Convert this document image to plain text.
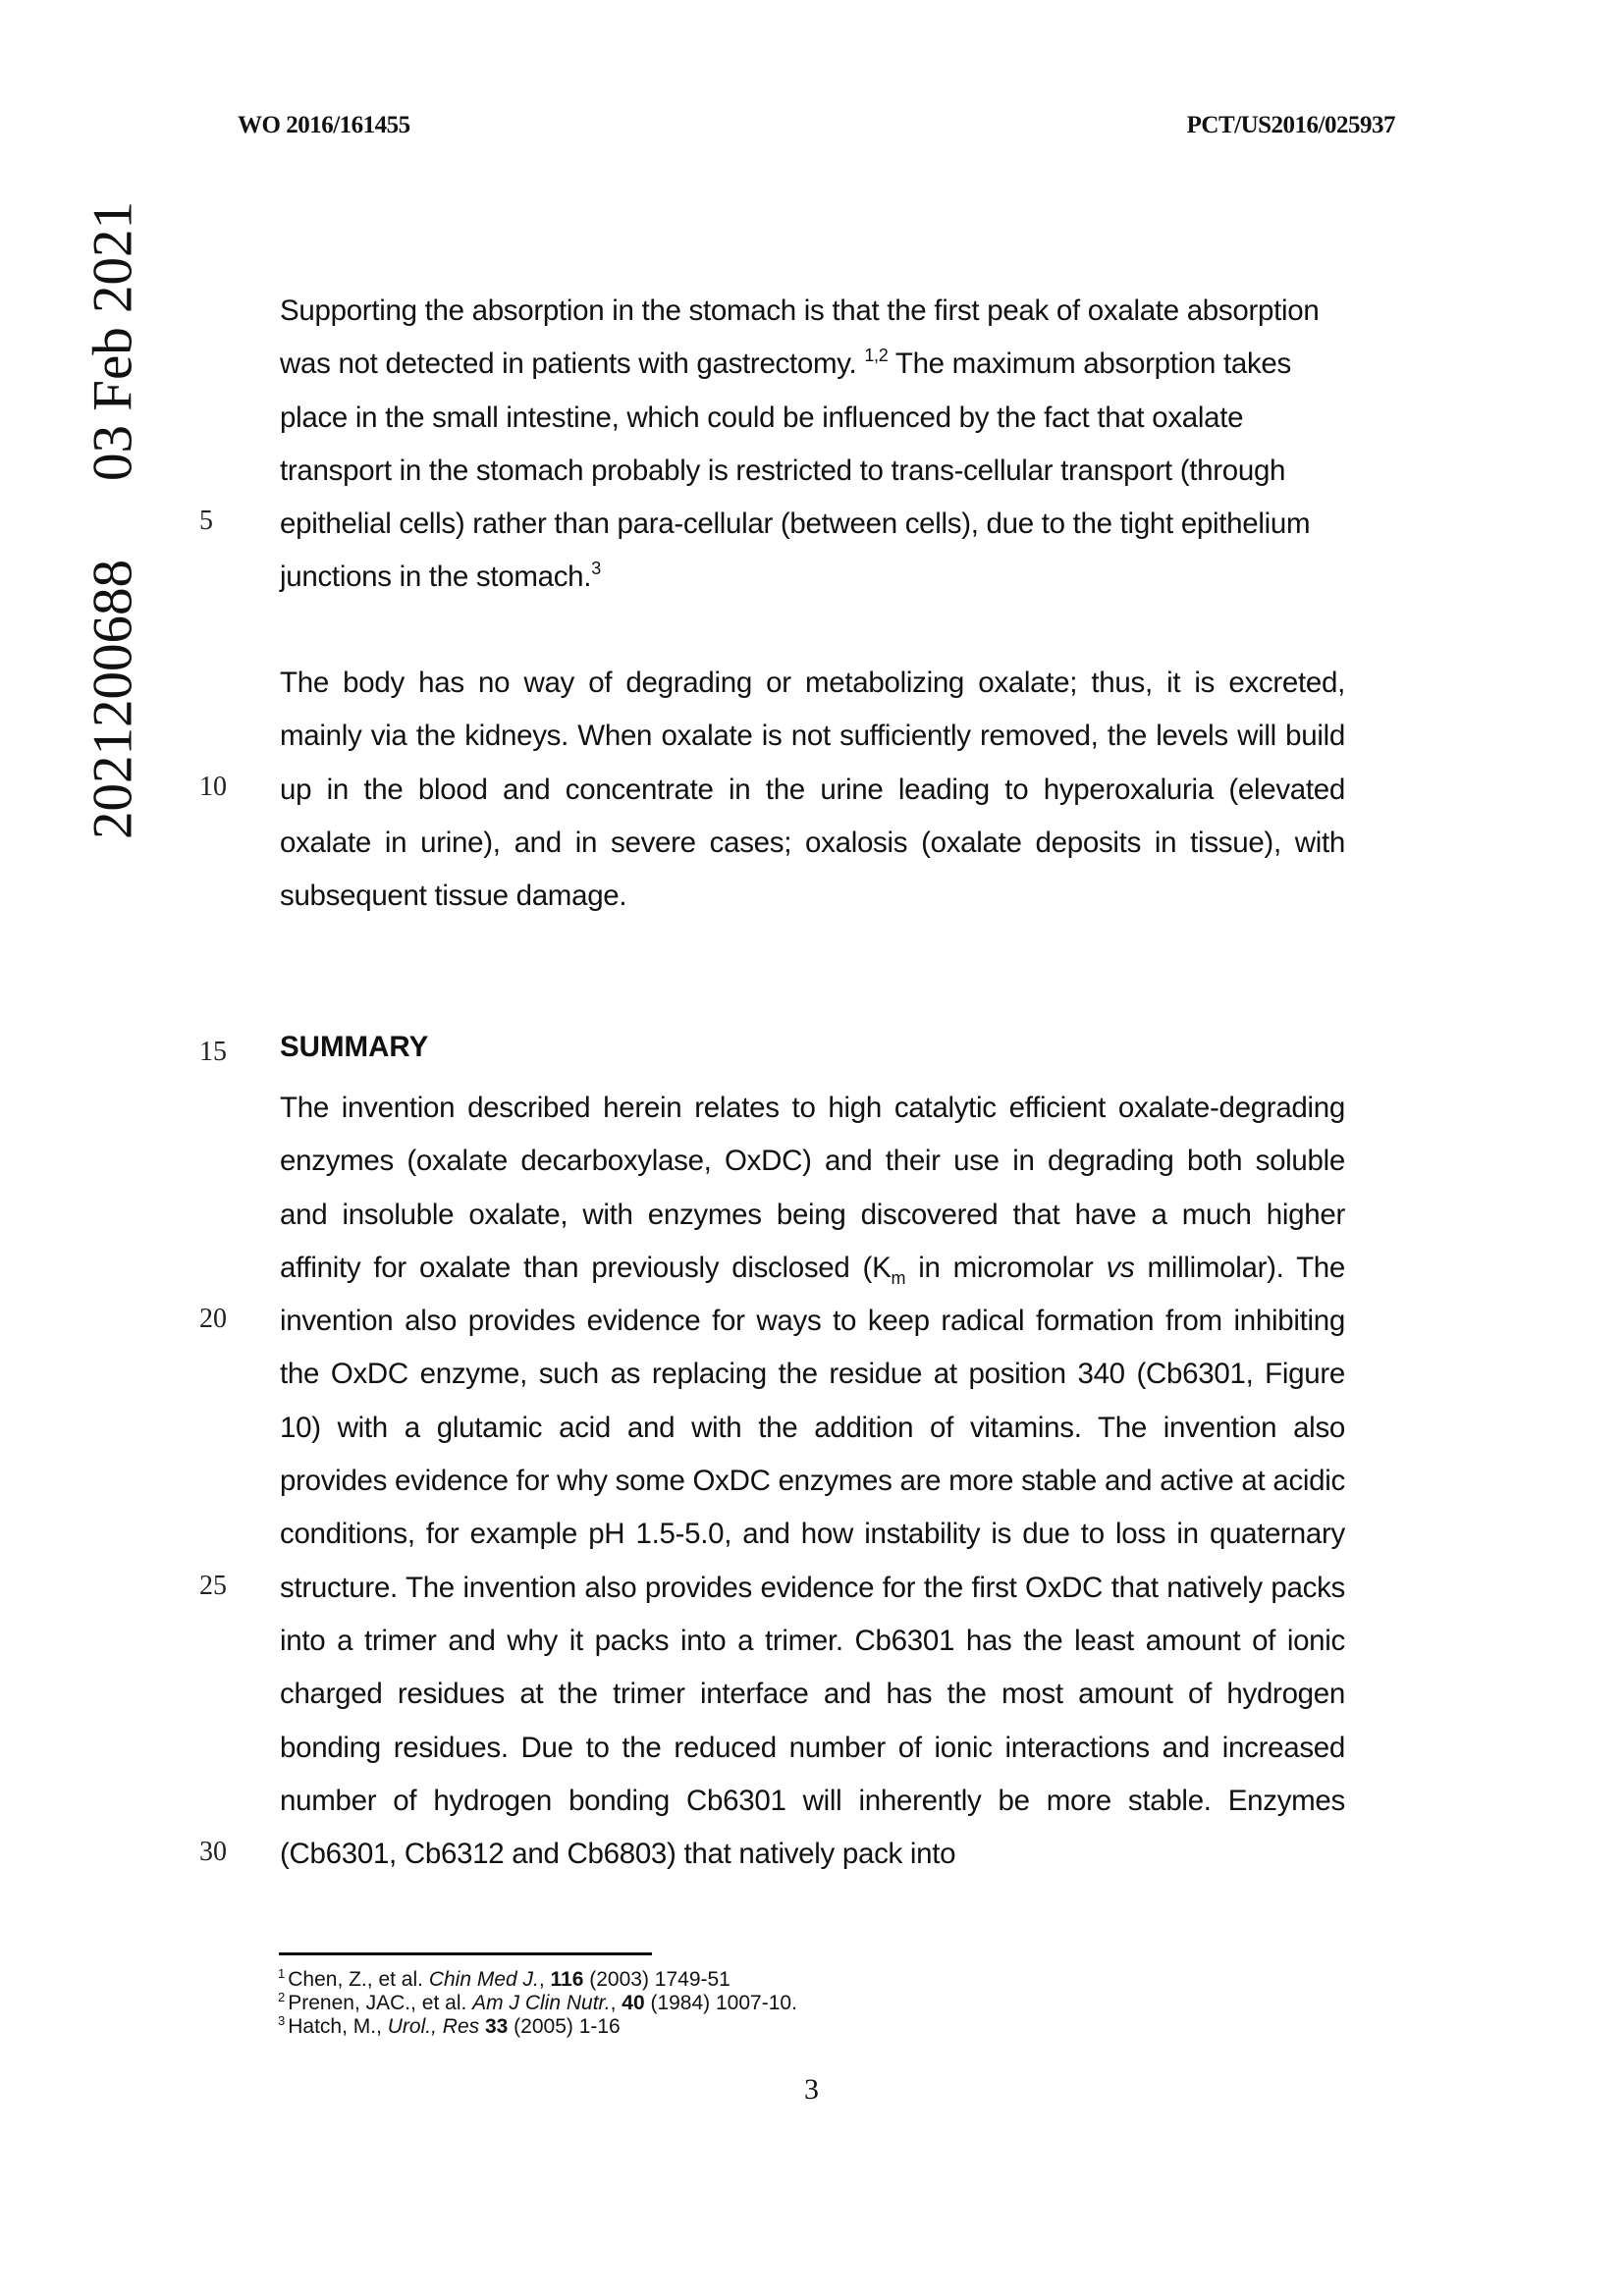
WO 2016/161455	PCT/US2016/025937
202120068803 Feb 2021
5
10
15
20
25
30
Supporting the absorption in the stomach is that the first peak of oxalate absorption was not detected in patients with gastrectomy. $^{1,2}$ The maximum absorption takes place in the small intestine, which could be influenced by the fact that oxalate transport in the stomach probably is restricted to trans-cellular transport (through epithelial cells) rather than para-cellular (between cells), due to the tight epithelium junctions in the stomach.$^3$
The body has no way of degrading or metabolizing oxalate; thus, it is excreted, mainly via the kidneys. When oxalate is not sufficiently removed, the levels will build up in the blood and concentrate in the urine leading to hyperoxaluria (elevated oxalate in urine), and in severe cases; oxalosis (oxalate deposits in tissue), with subsequent tissue damage.
SUMMARY
The invention described herein relates to high catalytic efficient oxalate-degrading enzymes (oxalate decarboxylase, OxDC) and their use in degrading both soluble and insoluble oxalate, with enzymes being discovered that have a much higher affinity for oxalate than previously disclosed ($K_m$ in micromolar vs millimolar). The invention also provides evidence for ways to keep radical formation from inhibiting the OxDC enzyme, such as replacing the residue at position 340 (Cb6301, Figure 10) with a glutamic acid and with the addition of vitamins. The invention also provides evidence for why some OxDC enzymes are more stable and active at acidic conditions, for example pH 1.5-5.0, and how instability is due to loss in quaternary structure. The invention also provides evidence for the first OxDC that natively packs into a trimer and why it packs into a trimer. Cb6301 has the least amount of ionic charged residues at the trimer interface and has the most amount of hydrogen bonding residues. Due to the reduced number of ionic interactions and increased number of hydrogen bonding Cb6301 will inherently be more stable. Enzymes (Cb6301, Cb6312 and Cb6803) that natively pack into
$^1$ Chen, Z., et al. Chin Med J., 116 (2003) 1749-51
$^2$ Prenen, JAC., et al. Am J Clin Nutr., 40 (1984) 1007-10.
$^3$ Hatch, M., Urol., Res 33 (2005) 1-16
3
